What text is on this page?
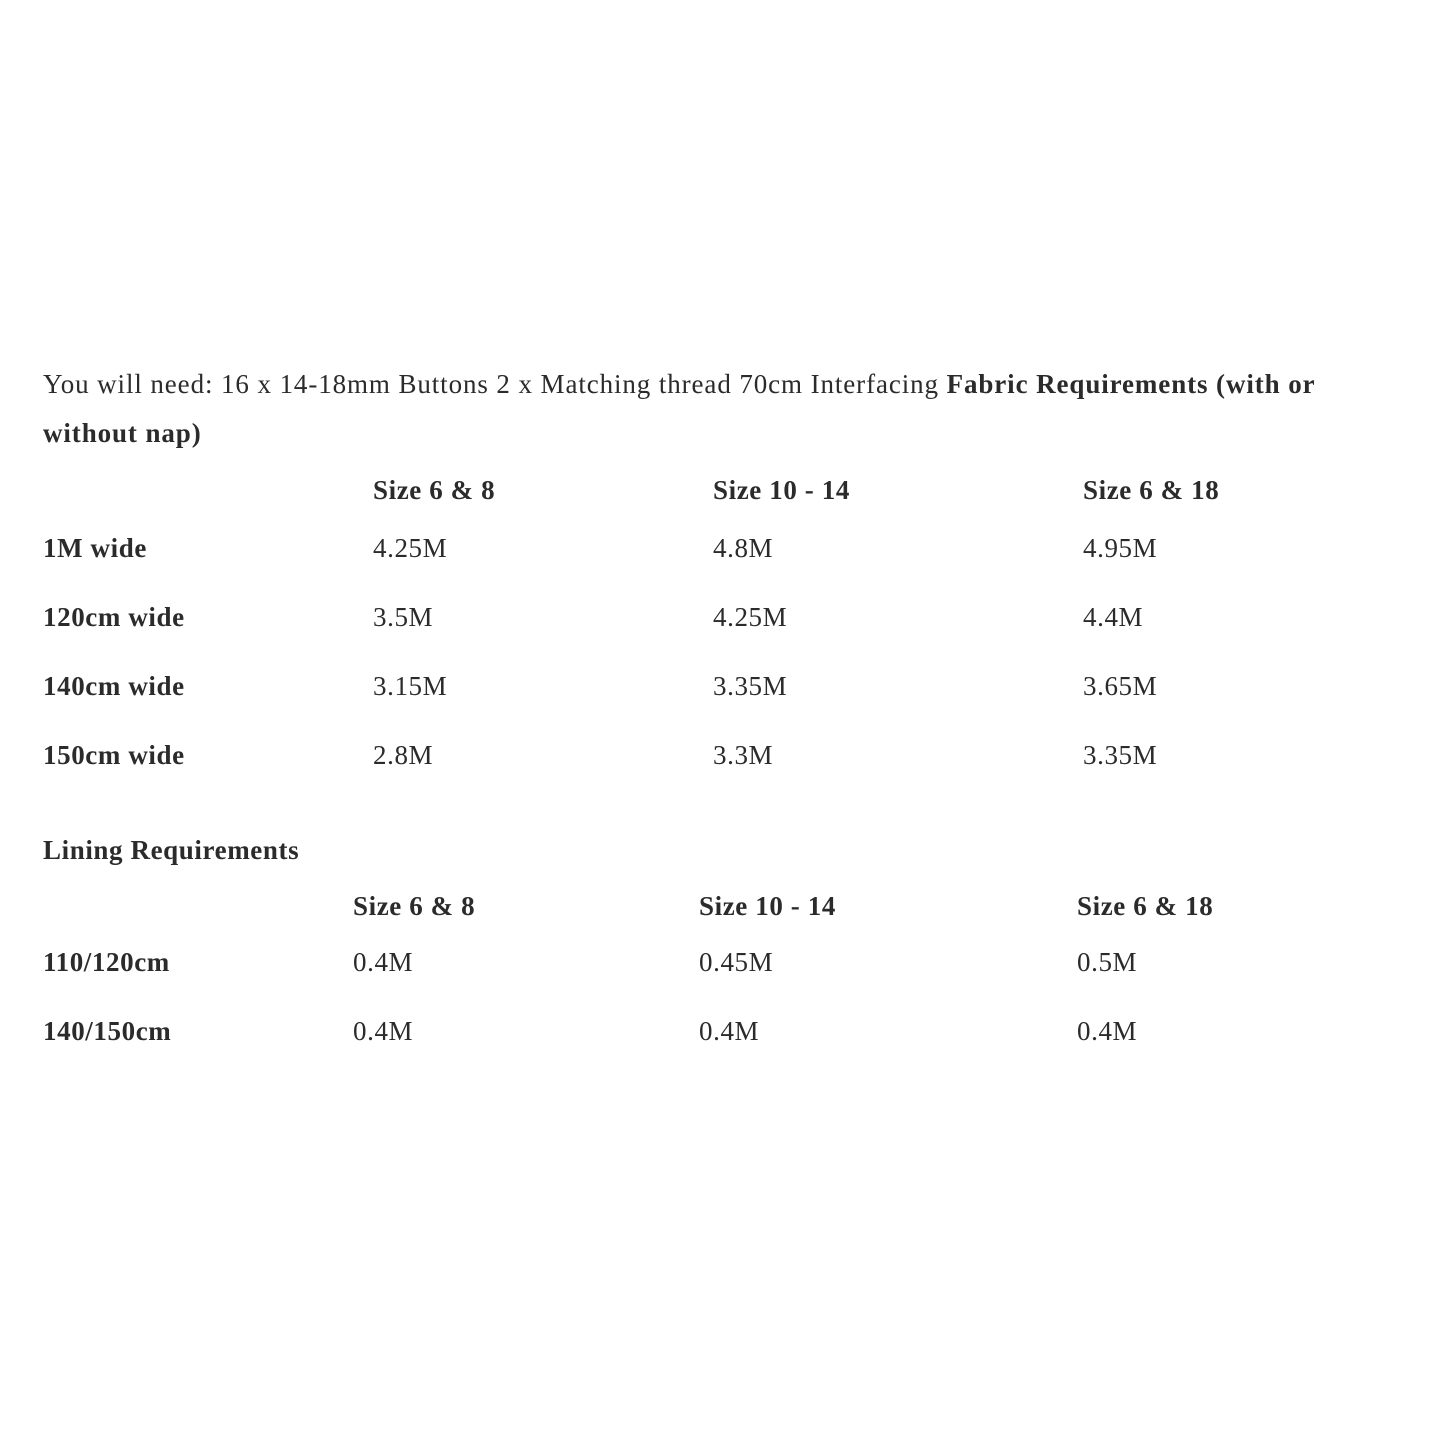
You will need: 16 x 14-18mm Buttons 2 x Matching thread 70cm Interfacing Fabric Requirements (with or without nap)

	Size 6 & 8	Size 10 - 14	Size 6 & 18
1M wide	4.25M	4.8M	4.95M
120cm wide	3.5M	4.25M	4.4M
140cm wide	3.15M	3.35M	3.65M
150cm wide	2.8M	3.3M	3.35M

Lining Requirements

	Size 6 & 8	Size 10 - 14	Size 6 & 18
110/120cm	0.4M	0.45M	0.5M
140/150cm	0.4M	0.4M	0.4M
